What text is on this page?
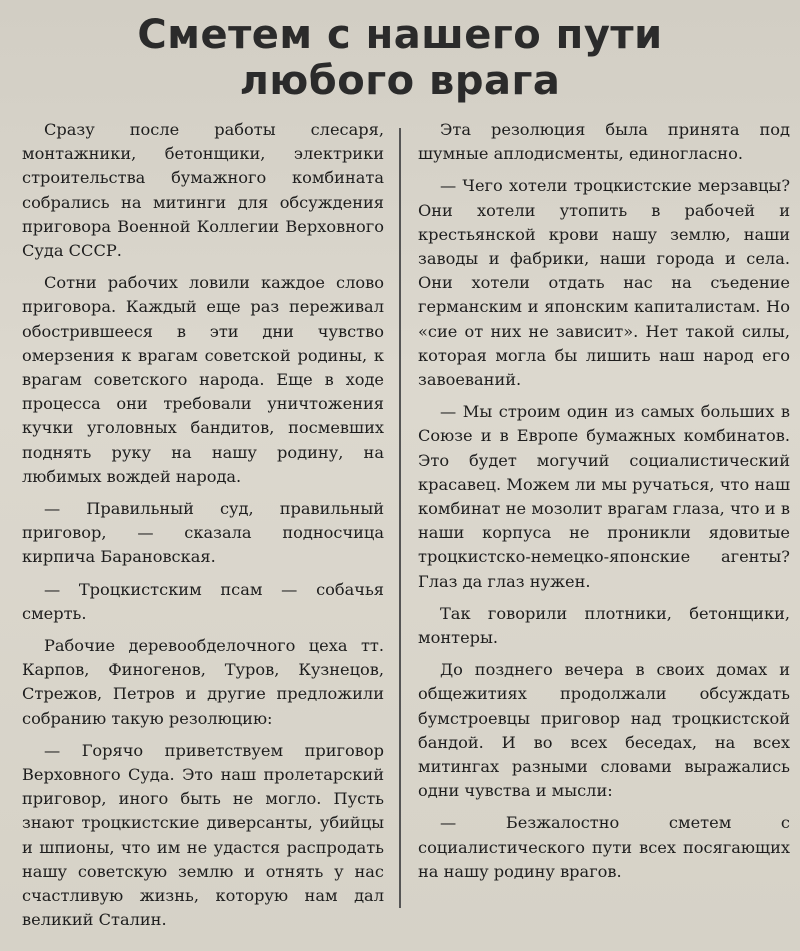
Сметем с нашего пути
любого врага

Сразу после работы слесаря, монтажники, бетонщики, электрики строительства бумажного комбината собрались на митинги для обсуждения приговора Военной Коллегии Верховного Суда СССР.

Сотни рабочих ловили каждое слово приговора. Каждый еще раз переживал обострившееся в эти дни чувство омерзения к врагам советской родины, к врагам советского народа. Еще в ходе процесса они требовали уничтожения кучки уголовных бандитов, посмевших поднять руку на нашу родину, на любимых вождей народа.

— Правильный суд, правильный приговор, — сказала подносчица кирпича Барановская.

— Троцкистским псам — собачья смерть.

Рабочие деревообделочного цеха тт. Карпов, Финогенов, Туров, Кузнецов, Стрежов, Петров и другие предложили собранию такую резолюцию:

— Горячо приветствуем приговор Верховного Суда. Это наш пролетарский приговор, иного быть не могло. Пусть знают троцкистские диверсанты, убийцы и шпионы, что им не удастся распродать нашу советскую землю и отнять у нас счастливую жизнь, которую нам дал великий Сталин.

Эта резолюция была принята под шумные аплодисменты, единогласно.

— Чего хотели троцкистские мерзавцы? Они хотели утопить в рабочей и крестьянской крови нашу землю, наши заводы и фабрики, наши города и села. Они хотели отдать нас на съедение германским и японским капиталистам. Но «сие от них не зависит». Нет такой силы, которая могла бы лишить наш народ его завоеваний.

— Мы строим один из самых больших в Союзе и в Европе бумажных комбинатов. Это будет могучий социалистический красавец. Можем ли мы ручаться, что наш комбинат не мозолит врагам глаза, что и в наши корпуса не проникли ядовитые троцкистско-немецко-японские агенты? Глаз да глаз нужен.

Так говорили плотники, бетонщики, монтеры.

До позднего вечера в своих домах и общежитиях продолжали обсуждать бумстроевцы приговор над троцкистской бандой. И во всех беседах, на всех митингах разными словами выражались одни чувства и мысли:

— Безжалостно сметем с социалистического пути всех посягающих на нашу родину врагов.
